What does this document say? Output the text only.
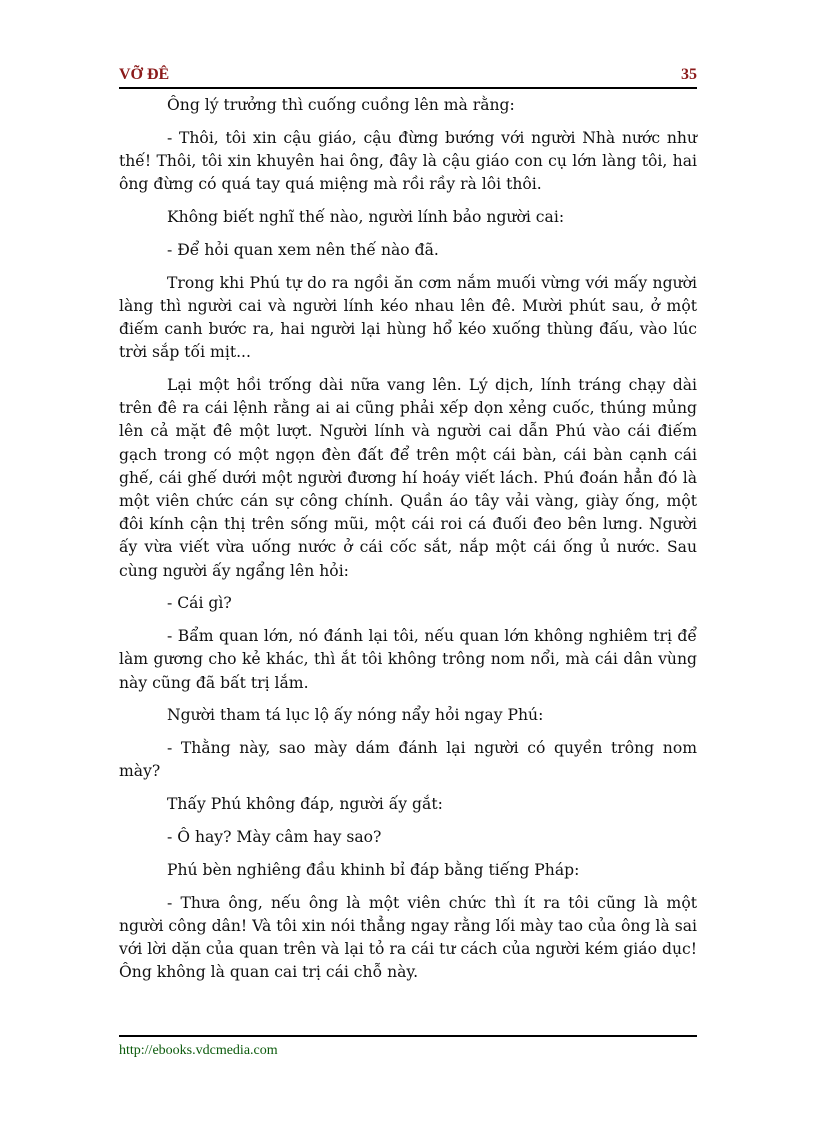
VỠ ĐÊ	35

Ông lý trưởng thì cuống cuồng lên mà rằng:

- Thôi, tôi xin cậu giáo, cậu đừng bướng với người Nhà nước như thế! Thôi, tôi xin khuyên hai ông, đây là cậu giáo con cụ lớn làng tôi, hai ông đừng có quá tay quá miệng mà rồi rầy rà lôi thôi.

Không biết nghĩ thế nào, người lính bảo người cai:

- Để hỏi quan xem nên thế nào đã.

Trong khi Phú tự do ra ngồi ăn cơm nắm muối vừng với mấy người làng thì người cai và người lính kéo nhau lên đê. Mười phút sau, ở một điếm canh bước ra, hai người lại hùng hổ kéo xuống thùng đấu, vào lúc trời sắp tối mịt...

Lại một hồi trống dài nữa vang lên. Lý dịch, lính tráng chạy dài trên đê ra cái lệnh rằng ai ai cũng phải xếp dọn xẻng cuốc, thúng mủng lên cả mặt đê một lượt. Người lính và người cai dẫn Phú vào cái điếm gạch trong có một ngọn đèn đất để trên một cái bàn, cái bàn cạnh cái ghế, cái ghế dưới một người đương hí hoáy viết lách. Phú đoán hẳn đó là một viên chức cán sự công chính. Quần áo tây vải vàng, giày ống, một đôi kính cận thị trên sống mũi, một cái roi cá đuối đeo bên lưng. Người ấy vừa viết vừa uống nước ở cái cốc sắt, nắp một cái ống ủ nước. Sau cùng người ấy ngẩng lên hỏi:

- Cái gì?

- Bẩm quan lớn, nó đánh lại tôi, nếu quan lớn không nghiêm trị để làm gương cho kẻ khác, thì ắt tôi không trông nom nổi, mà cái dân vùng này cũng đã bất trị lắm.

Người tham tá lục lộ ấy nóng nẩy hỏi ngay Phú:

- Thằng này, sao mày dám đánh lại người có quyền trông nom mày?

Thấy Phú không đáp, người ấy gắt:

- Ô hay? Mày câm hay sao?

Phú bèn nghiêng đầu khinh bỉ đáp bằng tiếng Pháp:

- Thưa ông, nếu ông là một viên chức thì ít ra tôi cũng là một người công dân! Và tôi xin nói thẳng ngay rằng lối mày tao của ông là sai với lời dặn của quan trên và lại tỏ ra cái tư cách của người kém giáo dục! Ông không là quan cai trị cái chỗ này.

http://ebooks.vdcmedia.com
